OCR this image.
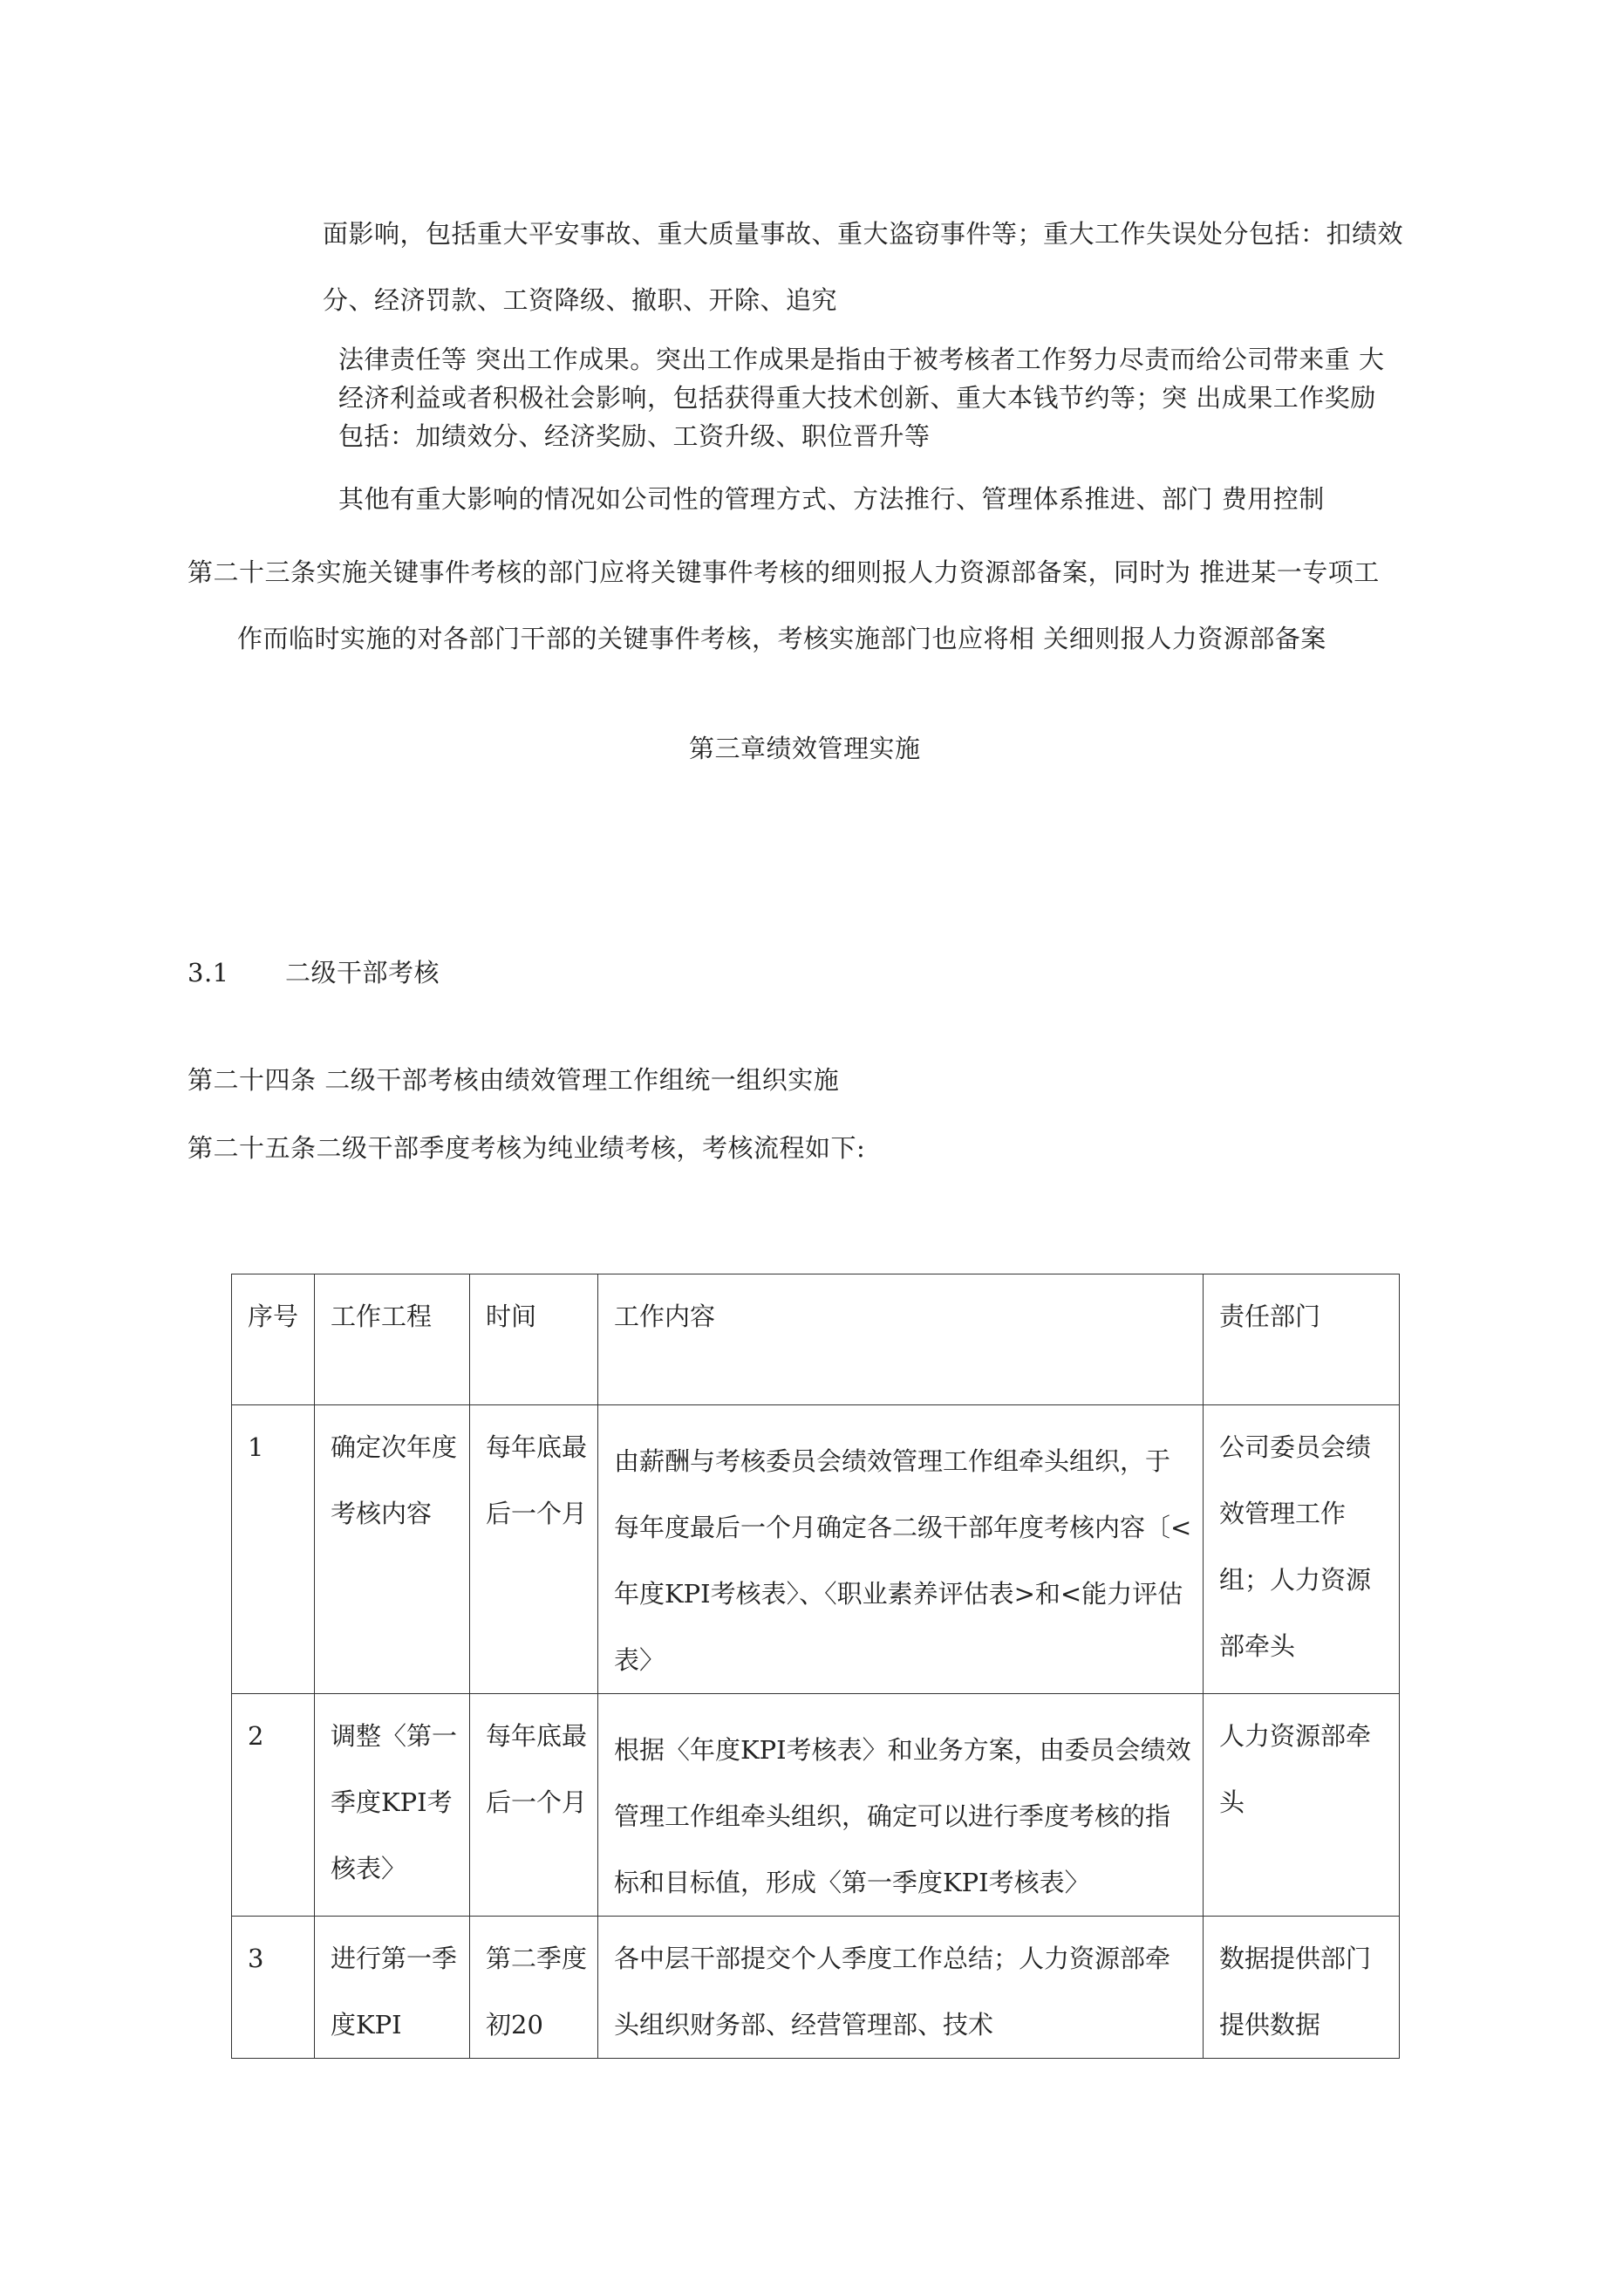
面影响，包括重大平安事故、重大质量事故、重大盗窃事件等；重大工作失误处分包括：扣绩效
分、经济罚款、工资降级、撤职、开除、追究
法律责任等 突出工作成果。突出工作成果是指由于被考核者工作努力尽责而给公司带来重 大
经济利益或者积极社会影响，包括获得重大技术创新、重大本钱节约等；突 出成果工作奖励
包括：加绩效分、经济奖励、工资升级、职位晋升等
其他有重大影响的情况如公司性的管理方式、方法推行、管理体系推进、部门 费用控制
第二十三条实施关键事件考核的部门应将关键事件考核的细则报人力资源部备案，同时为 推进某一专项工
作而临时实施的对各部门干部的关键事件考核，考核实施部门也应将相 关细则报人力资源部备案
第三章绩效管理实施
3.1 二级干部考核
第二十四条 二级干部考核由绩效管理工作组统一组织实施
第二十五条二级干部季度考核为纯业绩考核，考核流程如下:
序号	工作工程	时间	工作内容	责任部门
1	确定次年度考核内容	每年底最后一个月	由薪酬与考核委员会绩效管理工作组牵头组织，于每年度最后一个月确定各二级干部年度考核内容〔<年度KPI考核表〉、〈职业素养评估表>和<能力评估表〉	公司委员会绩效管理工作组；人力资源部牵头
2	调整〈第一季度KPI考核表〉	每年底最后一个月	根据〈年度KPI考核表〉和业务方案，由委员会绩效管理工作组牵头组织，确定可以进行季度考核的指标和目标值，形成〈第一季度KPI考核表〉	人力资源部牵头
3	进行第一季度KPI	第二季度初20	各中层干部提交个人季度工作总结；人力资源部牵头组织财务部、经营管理部、技术	数据提供部门提供数据
